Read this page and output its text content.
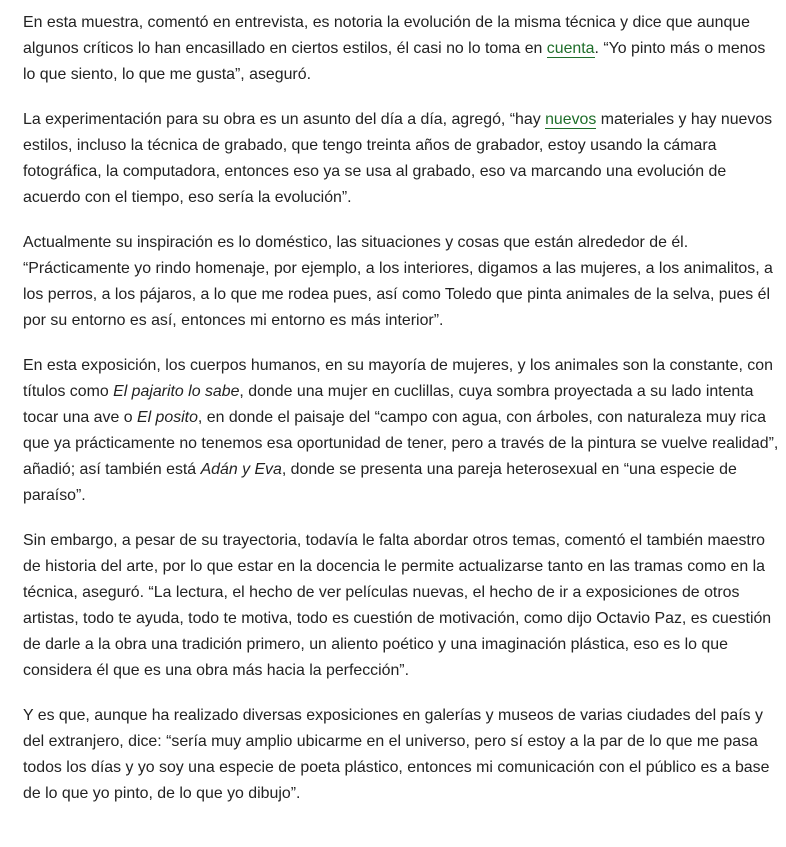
En esta muestra, comentó en entrevista, es notoria la evolución de la misma técnica y dice que aunque algunos críticos lo han encasillado en ciertos estilos, él casi no lo toma en cuenta. “Yo pinto más o menos lo que siento, lo que me gusta”, aseguró.

La experimentación para su obra es un asunto del día a día, agregó, “hay nuevos materiales y hay nuevos estilos, incluso la técnica de grabado, que tengo treinta años de grabador, estoy usando la cámara fotográfica, la computadora, entonces eso ya se usa al grabado, eso va marcando una evolución de acuerdo con el tiempo, eso sería la evolución”.

Actualmente su inspiración es lo doméstico, las situaciones y cosas que están alrededor de él. “Prácticamente yo rindo homenaje, por ejemplo, a los interiores, digamos a las mujeres, a los animalitos, a los perros, a los pájaros, a lo que me rodea pues, así como Toledo que pinta animales de la selva, pues él por su entorno es así, entonces mi entorno es más interior”.

En esta exposición, los cuerpos humanos, en su mayoría de mujeres, y los animales son la constante, con títulos como El pajarito lo sabe, donde una mujer en cuclillas, cuya sombra proyectada a su lado intenta tocar una ave o El posito, en donde el paisaje del “campo con agua, con árboles, con naturaleza muy rica que ya prácticamente no tenemos esa oportunidad de tener, pero a través de la pintura se vuelve realidad”, añadió; así también está Adán y Eva, donde se presenta una pareja heterosexual en “una especie de paraíso”.

Sin embargo, a pesar de su trayectoria, todavía le falta abordar otros temas, comentó el también maestro de historia del arte, por lo que estar en la docencia le permite actualizarse tanto en las tramas como en la técnica, aseguró. “La lectura, el hecho de ver películas nuevas, el hecho de ir a exposiciones de otros artistas, todo te ayuda, todo te motiva, todo es cuestión de motivación, como dijo Octavio Paz, es cuestión de darle a la obra una tradición primero, un aliento poético y una imaginación plástica, eso es lo que considera él que es una obra más hacia la perfección”.

Y es que, aunque ha realizado diversas exposiciones en galerías y museos de varias ciudades del país y del extranjero, dice: “sería muy amplio ubicarme en el universo, pero sí estoy a la par de lo que me pasa todos los días y yo soy una especie de poeta plástico, entonces mi comunicación con el público es a base de lo que yo pinto, de lo que yo dibujo”.
